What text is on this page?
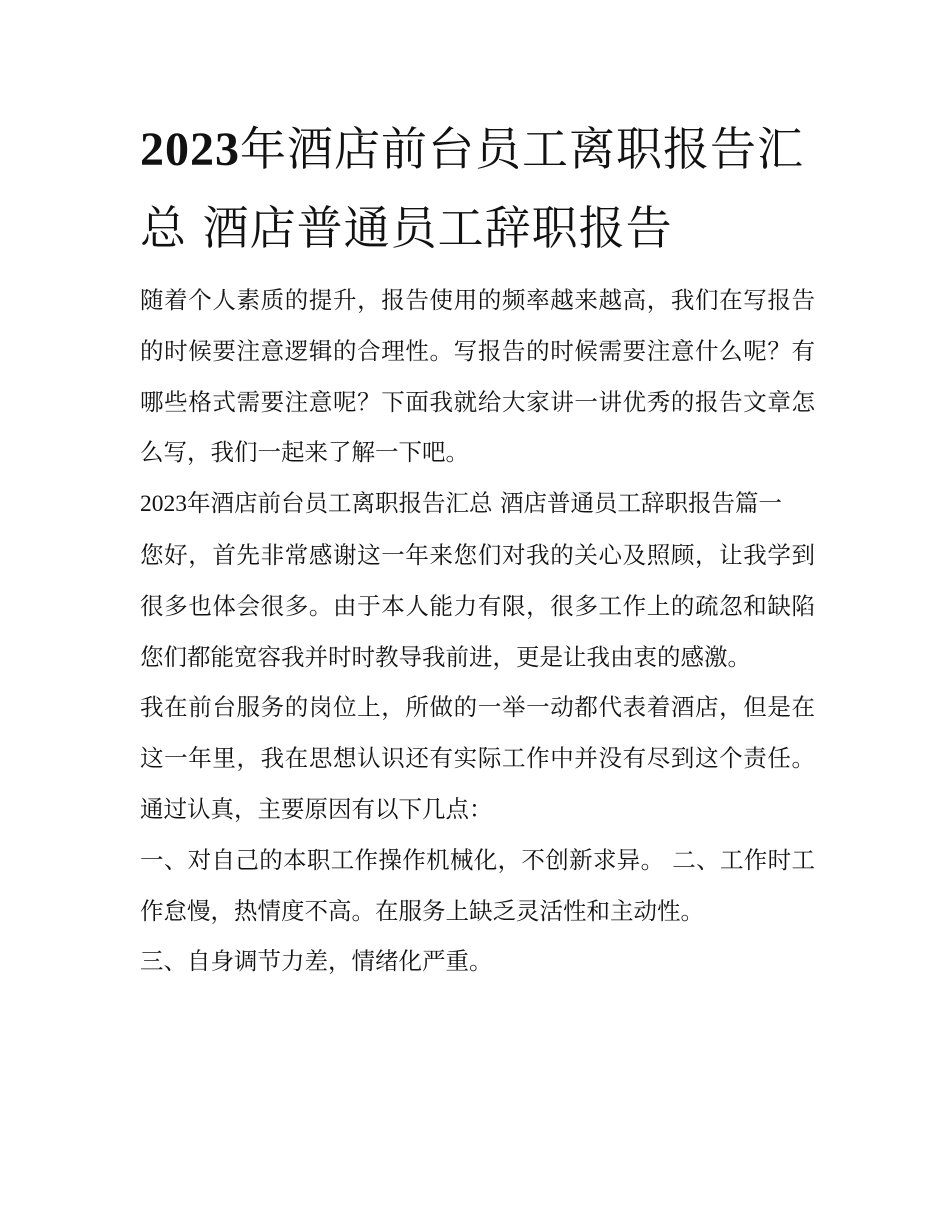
2023年酒店前台员工离职报告汇总 酒店普通员工辞职报告

随着个人素质的提升，报告使用的频率越来越高，我们在写报告的时候要注意逻辑的合理性。写报告的时候需要注意什么呢？有哪些格式需要注意呢？下面我就给大家讲一讲优秀的报告文章怎么写，我们一起来了解一下吧。

2023年酒店前台员工离职报告汇总 酒店普通员工辞职报告篇一

您好，首先非常感谢这一年来您们对我的关心及照顾，让我学到很多也体会很多。由于本人能力有限，很多工作上的疏忽和缺陷您们都能宽容我并时时教导我前进，更是让我由衷的感激。

我在前台服务的岗位上，所做的一举一动都代表着酒店，但是在这一年里，我在思想认识还有实际工作中并没有尽到这个责任。通过认真，主要原因有以下几点：

一、对自己的本职工作操作机械化，不创新求异。 二、工作时工作怠慢，热情度不高。在服务上缺乏灵活性和主动性。

三、自身调节力差，情绪化严重。
